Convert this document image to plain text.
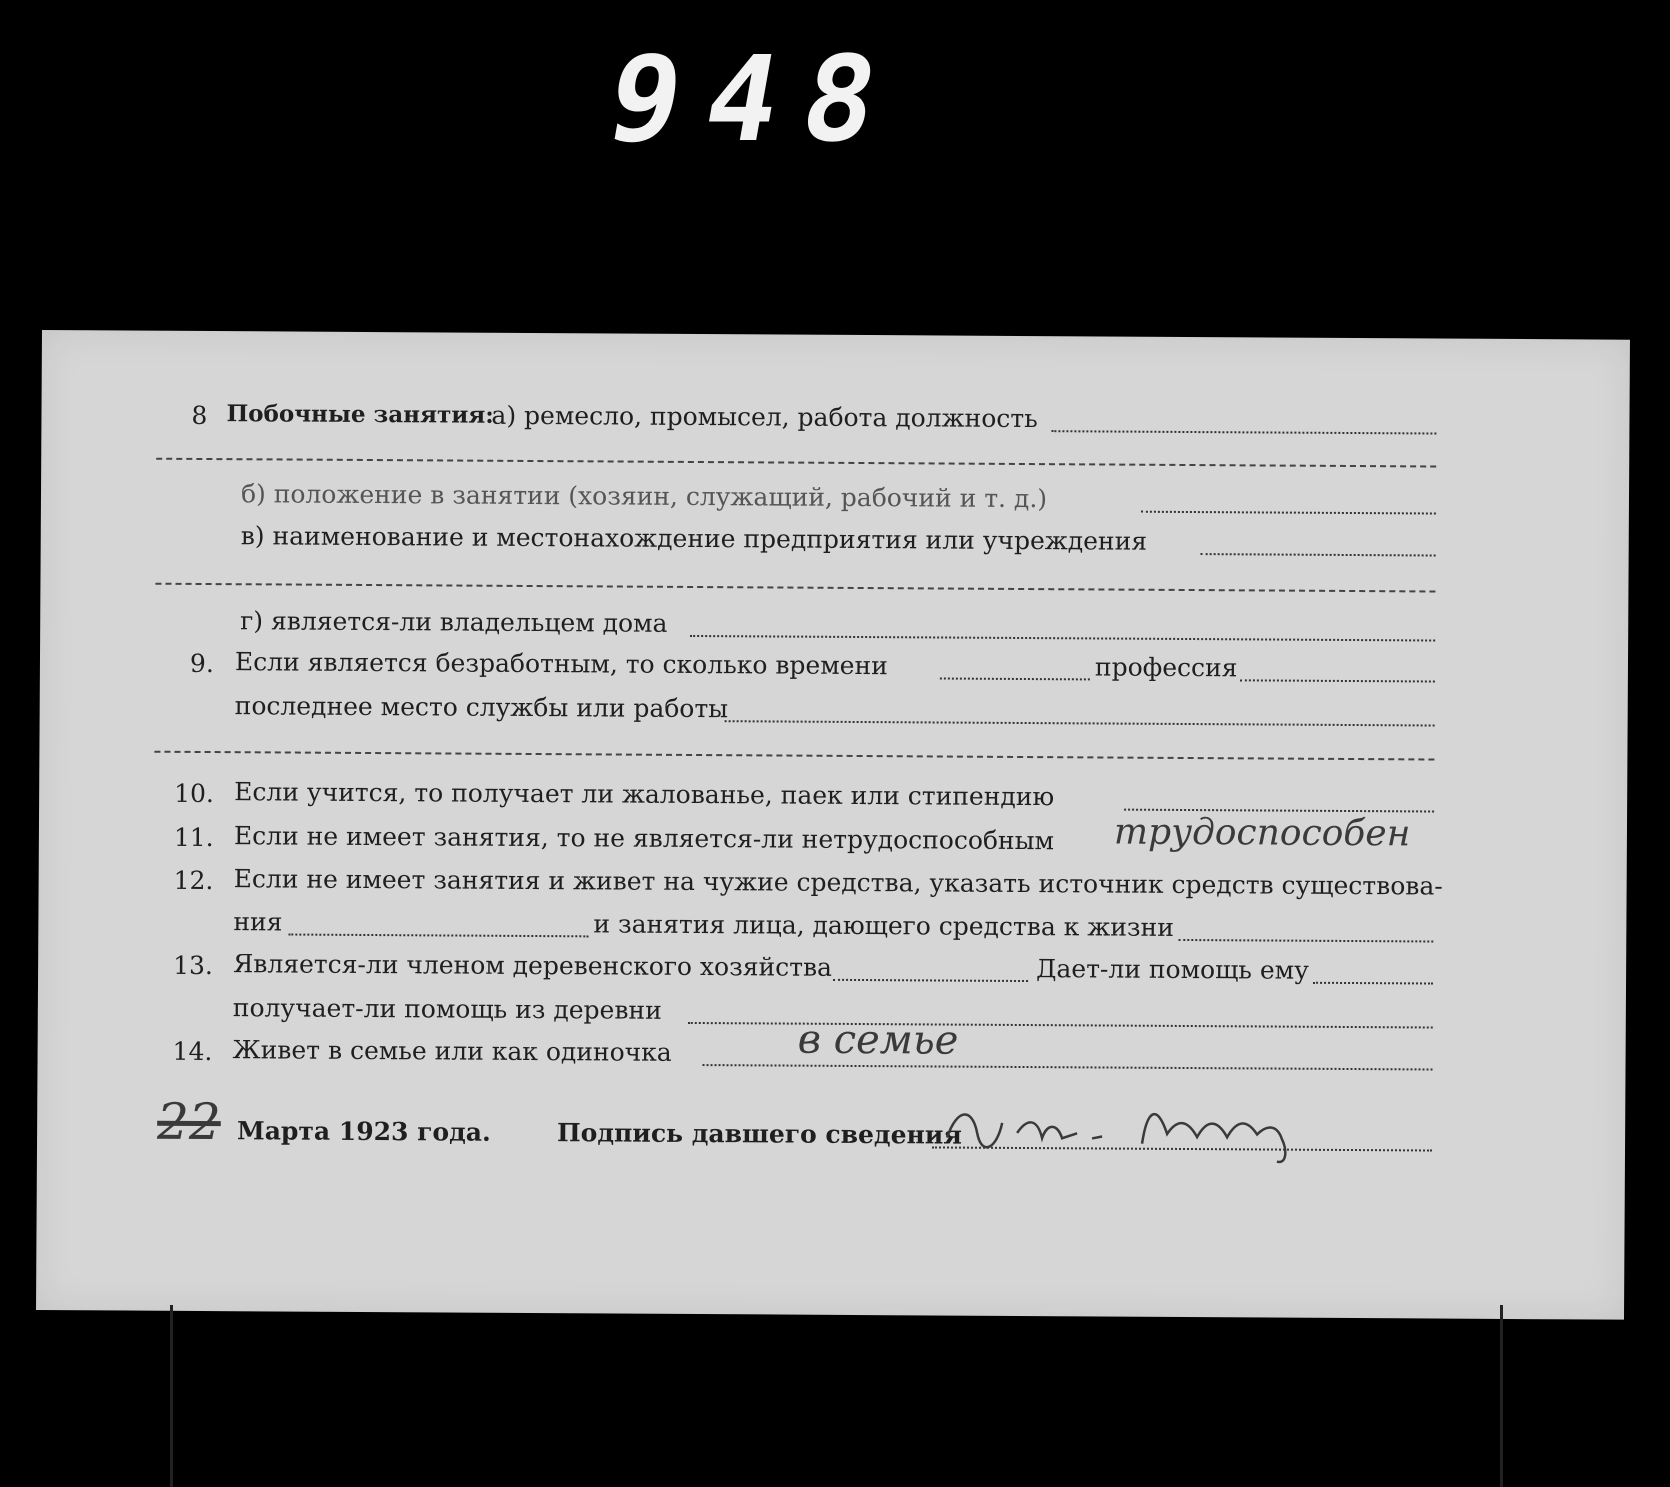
948
8 Побочные занятия:
а) ремесло, промысел, работа должность
б) положение в занятии (хозяин, служащий, рабочий и т. д.)
в) наименование и местонахождение предприятия или учреждения
г) является-ли владельцем дома
9. Если является безработным, то сколько времени	профессия
последнее место службы или работы
10. Если учится, то получает ли жалованье, паек или стипендию
11. Если не имеет занятия, то не является-ли нетрудоспособным трудоспособен
12. Если не имеет занятия и живет на чужие средства, указать источник средств существова-
ния	и занятия лица, дающего средства к жизни
13. Является-ли членом деревенского хозяйства	Дает-ли помощь ему
получает-ли помощь из деревни
14. Живет в семье или как одиночка	в семье
22 Марта 1923 года.	Подпись давшего сведения
